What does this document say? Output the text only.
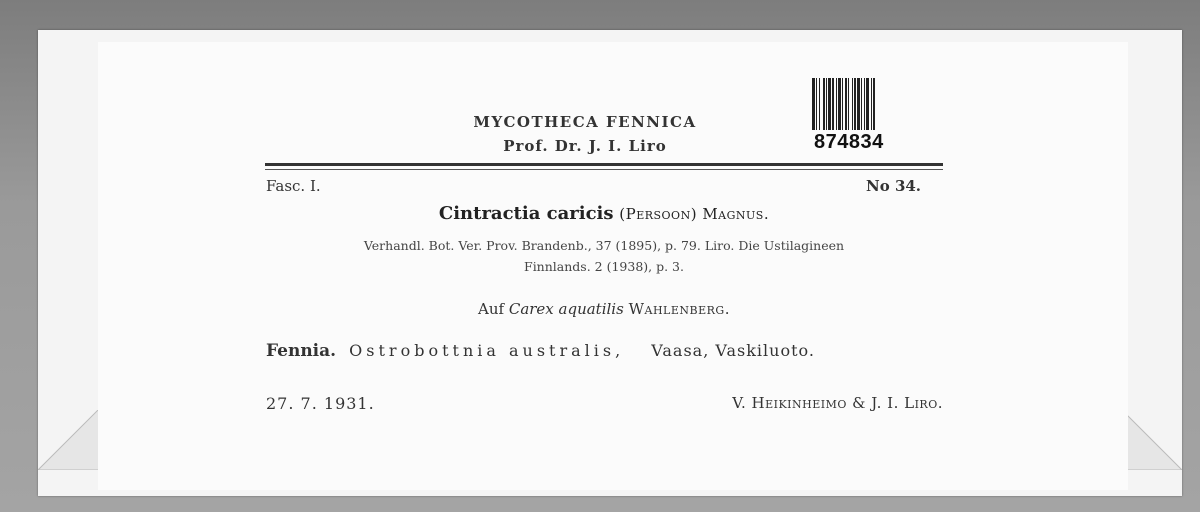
MYCOTHECA FENNICA
Prof. Dr. J. I. Liro	874834
Fasc. I.	No 34.
Cintractia caricis (Persoon) Magnus.
Verhandl. Bot. Ver. Prov. Brandenb., 37 (1895), p. 79. Liro. Die Ustilagineen
Finnlands. 2 (1938), p. 3.
Auf Carex aquatilis Wahlenberg.
Fennia. Ostrobottnia australis, Vaasa, Vaskiluoto.
27. 7. 1931.	V. Heikinheimo & J. I. Liro.
